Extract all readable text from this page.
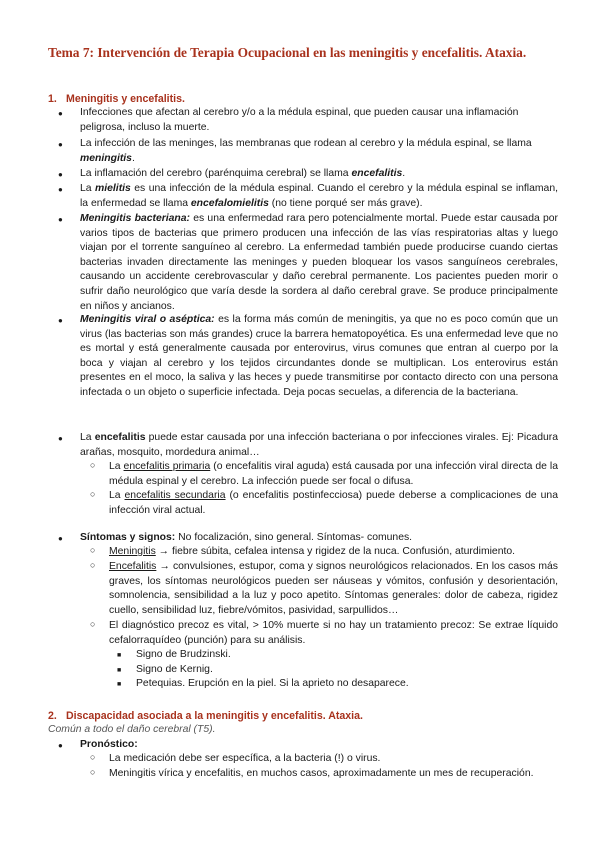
Tema 7: Intervención de Terapia Ocupacional en las meningitis y encefalitis. Ataxia.

1. Meningitis y encefalitis.

● Infecciones que afectan al cerebro y/o a la médula espinal, que pueden causar una inflamación peligrosa, incluso la muerte.

● La infección de las meninges, las membranas que rodean al cerebro y la médula espinal, se llama meningitis.

● La inflamación del cerebro (parénquima cerebral) se llama encefalitis.

● La mielitis es una infección de la médula espinal. Cuando el cerebro y la médula espinal se inflaman, la enfermedad se llama encefalomielitis (no tiene porqué ser más grave).

● Meningitis bacteriana: es una enfermedad rara pero potencialmente mortal. Puede estar causada por varios tipos de bacterias que primero producen una infección de las vías respiratorias altas y luego viajan por el torrente sanguíneo al cerebro. La enfermedad también puede producirse cuando ciertas bacterias invaden directamente las meninges y pueden bloquear los vasos sanguíneos cerebrales, causando un accidente cerebrovascular y daño cerebral permanente. Los pacientes pueden morir o sufrir daño neurológico que varía desde la sordera al daño cerebral grave. Se produce principalmente en niños y ancianos.

● Meningitis viral o aséptica: es la forma más común de meningitis, ya que no es poco común que un virus (las bacterias son más grandes) cruce la barrera hematopoyética. Es una enfermedad leve que no es mortal y está generalmente causada por enterovirus, virus comunes que entran al cuerpo por la boca y viajan al cerebro y los tejidos circundantes donde se multiplican. Los enterovirus están presentes en el moco, la saliva y las heces y puede transmitirse por contacto directo con una persona infectada o un objeto o superficie infectada. Deja pocas secuelas, a diferencia de la bacteriana.

● La encefalitis puede estar causada por una infección bacteriana o por infecciones virales. Ej: Picadura arañas, mosquito, mordedura animal…

○ La encefalitis primaria (o encefalitis viral aguda) está causada por una infección viral directa de la médula espinal y el cerebro. La infección puede ser focal o difusa.

○ La encefalitis secundaria (o encefalitis postinfecciosa) puede deberse a complicaciones de una infección viral actual.

● Síntomas y signos: No focalización, sino general. Síntomas- comunes.

○ Meningitis → fiebre súbita, cefalea intensa y rigidez de la nuca. Confusión, aturdimiento.

○ Encefalitis → convulsiones, estupor, coma y signos neurológicos relacionados. En los casos más graves, los síntomas neurológicos pueden ser náuseas y vómitos, confusión y desorientación, somnolencia, sensibilidad a la luz y poco apetito. Síntomas generales: dolor de cabeza, rigidez cuello, sensibilidad luz, fiebre/vómitos, pasividad, sarpullidos…

○ El diagnóstico precoz es vital, > 10% muerte si no hay un tratamiento precoz: Se extrae líquido cefalorraquídeo (punción) para su análisis.

■ Signo de Brudzinski.

■ Signo de Kernig.

■ Petequias. Erupción en la piel. Si la aprieto no desaparece.

2. Discapacidad asociada a la meningitis y encefalitis. Ataxia.

Común a todo el daño cerebral (T5).

● Pronóstico:

○ La medicación debe ser específica, a la bacteria (!) o virus.

○ Meningitis vírica y encefalitis, en muchos casos, aproximadamente un mes de recuperación.
